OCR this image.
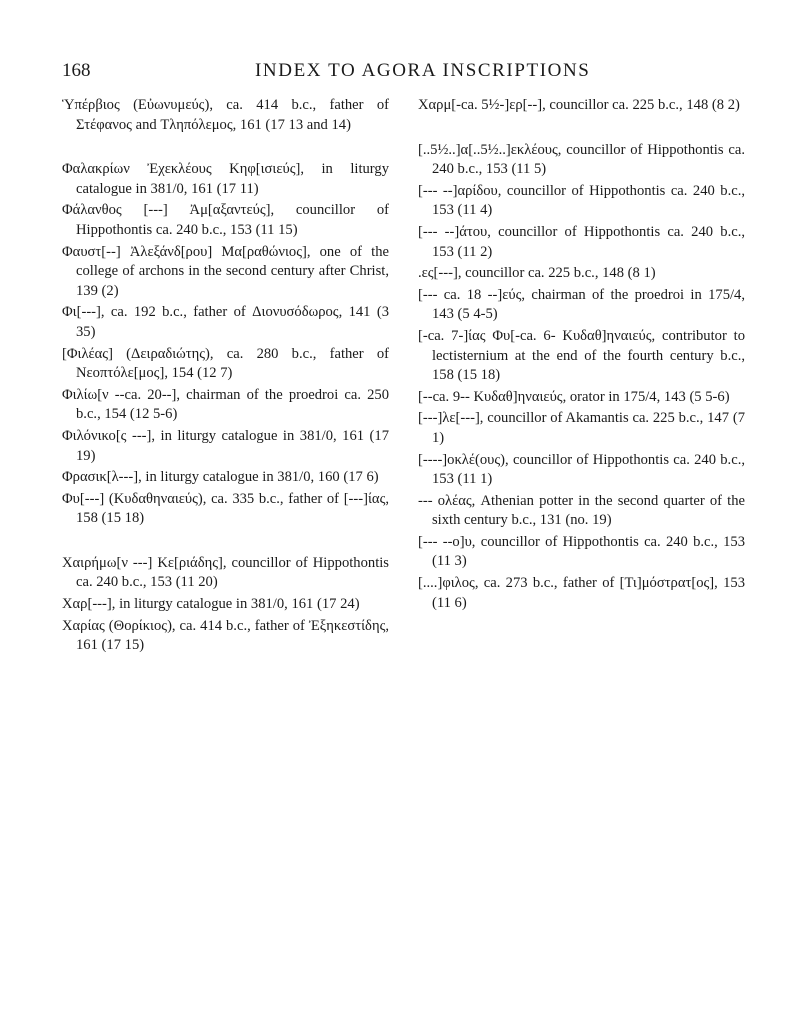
168	INDEX TO AGORA INSCRIPTIONS

Ὑπέρβιος (Εὐωνυμεύς), ca. 414 b.c., father of Στέφανος and Τληπόλεμος, 161 (17 13 and 14)

Φαλακρίων Ἐχεκλέους Κηφ[ισιεύς], in liturgy catalogue in 381/0, 161 (17 11)

Φάλανθος [---] Ἀμ[αξαντεύς], councillor of Hippothontis ca. 240 b.c., 153 (11 15)

Φαυστ[--] Ἀλεξάνδ[ρου] Μα[ραθώνιος], one of the college of archons in the second century after Christ, 139 (2)

Φι[---], ca. 192 b.c., father of Διονυσόδωρος, 141 (3 35)

[Φιλέας] (Δειραδιώτης), ca. 280 b.c., father of Νεοπτόλε[μος], 154 (12 7)

Φιλίω[ν --ca. 20--], chairman of the proedroi ca. 250 b.c., 154 (12 5-6)

Φιλόνικο[ς ---], in liturgy catalogue in 381/0, 161 (17 19)

Φρασικ[λ---], in liturgy catalogue in 381/0, 160 (17 6)

Φυ[---] (Κυδαθηναιεύς), ca. 335 b.c., father of [---]ίας, 158 (15 18)

Χαιρήμω[ν ---] Κε[ριάδης], councillor of Hippothontis ca. 240 b.c., 153 (11 20)

Χαρ[---], in liturgy catalogue in 381/0, 161 (17 24)

Χαρίας (Θορίκιος), ca. 414 b.c., father of Ἐξηκεστίδης, 161 (17 15)

Χαρμ[-ca. 5½-]ερ[--], councillor ca. 225 b.c., 148 (8 2)

[..5½..]α[..5½..]εκλέους, councillor of Hippothontis ca. 240 b.c., 153 (11 5)

[--- --]αρίδου, councillor of Hippothontis ca. 240 b.c., 153 (11 4)

[--- --]άτου, councillor of Hippothontis ca. 240 b.c., 153 (11 2)

.ες[---], councillor ca. 225 b.c., 148 (8 1)

[--- ca. 18 --]εύς, chairman of the proedroi in 175/4, 143 (5 4-5)

[-ca. 7-]ίας Φυ[-ca. 6- Κυδαθ]ηναιεύς, contributor to lectisternium at the end of the fourth century b.c., 158 (15 18)

[--ca. 9-- Κυδαθ]ηναιεύς, orator in 175/4, 143 (5 5-6)

[---]λε[---], councillor of Akamantis ca. 225 b.c., 147 (7 1)

[----]οκλέ(ους), councillor of Hippothontis ca. 240 b.c., 153 (11 1)

--- ολέας, Athenian potter in the second quarter of the sixth century b.c., 131 (no. 19)

[--- --ο]υ, councillor of Hippothontis ca. 240 b.c., 153 (11 3)

[....]φιλος, ca. 273 b.c., father of [Τι]μόστρατ[ος], 153 (11 6)
